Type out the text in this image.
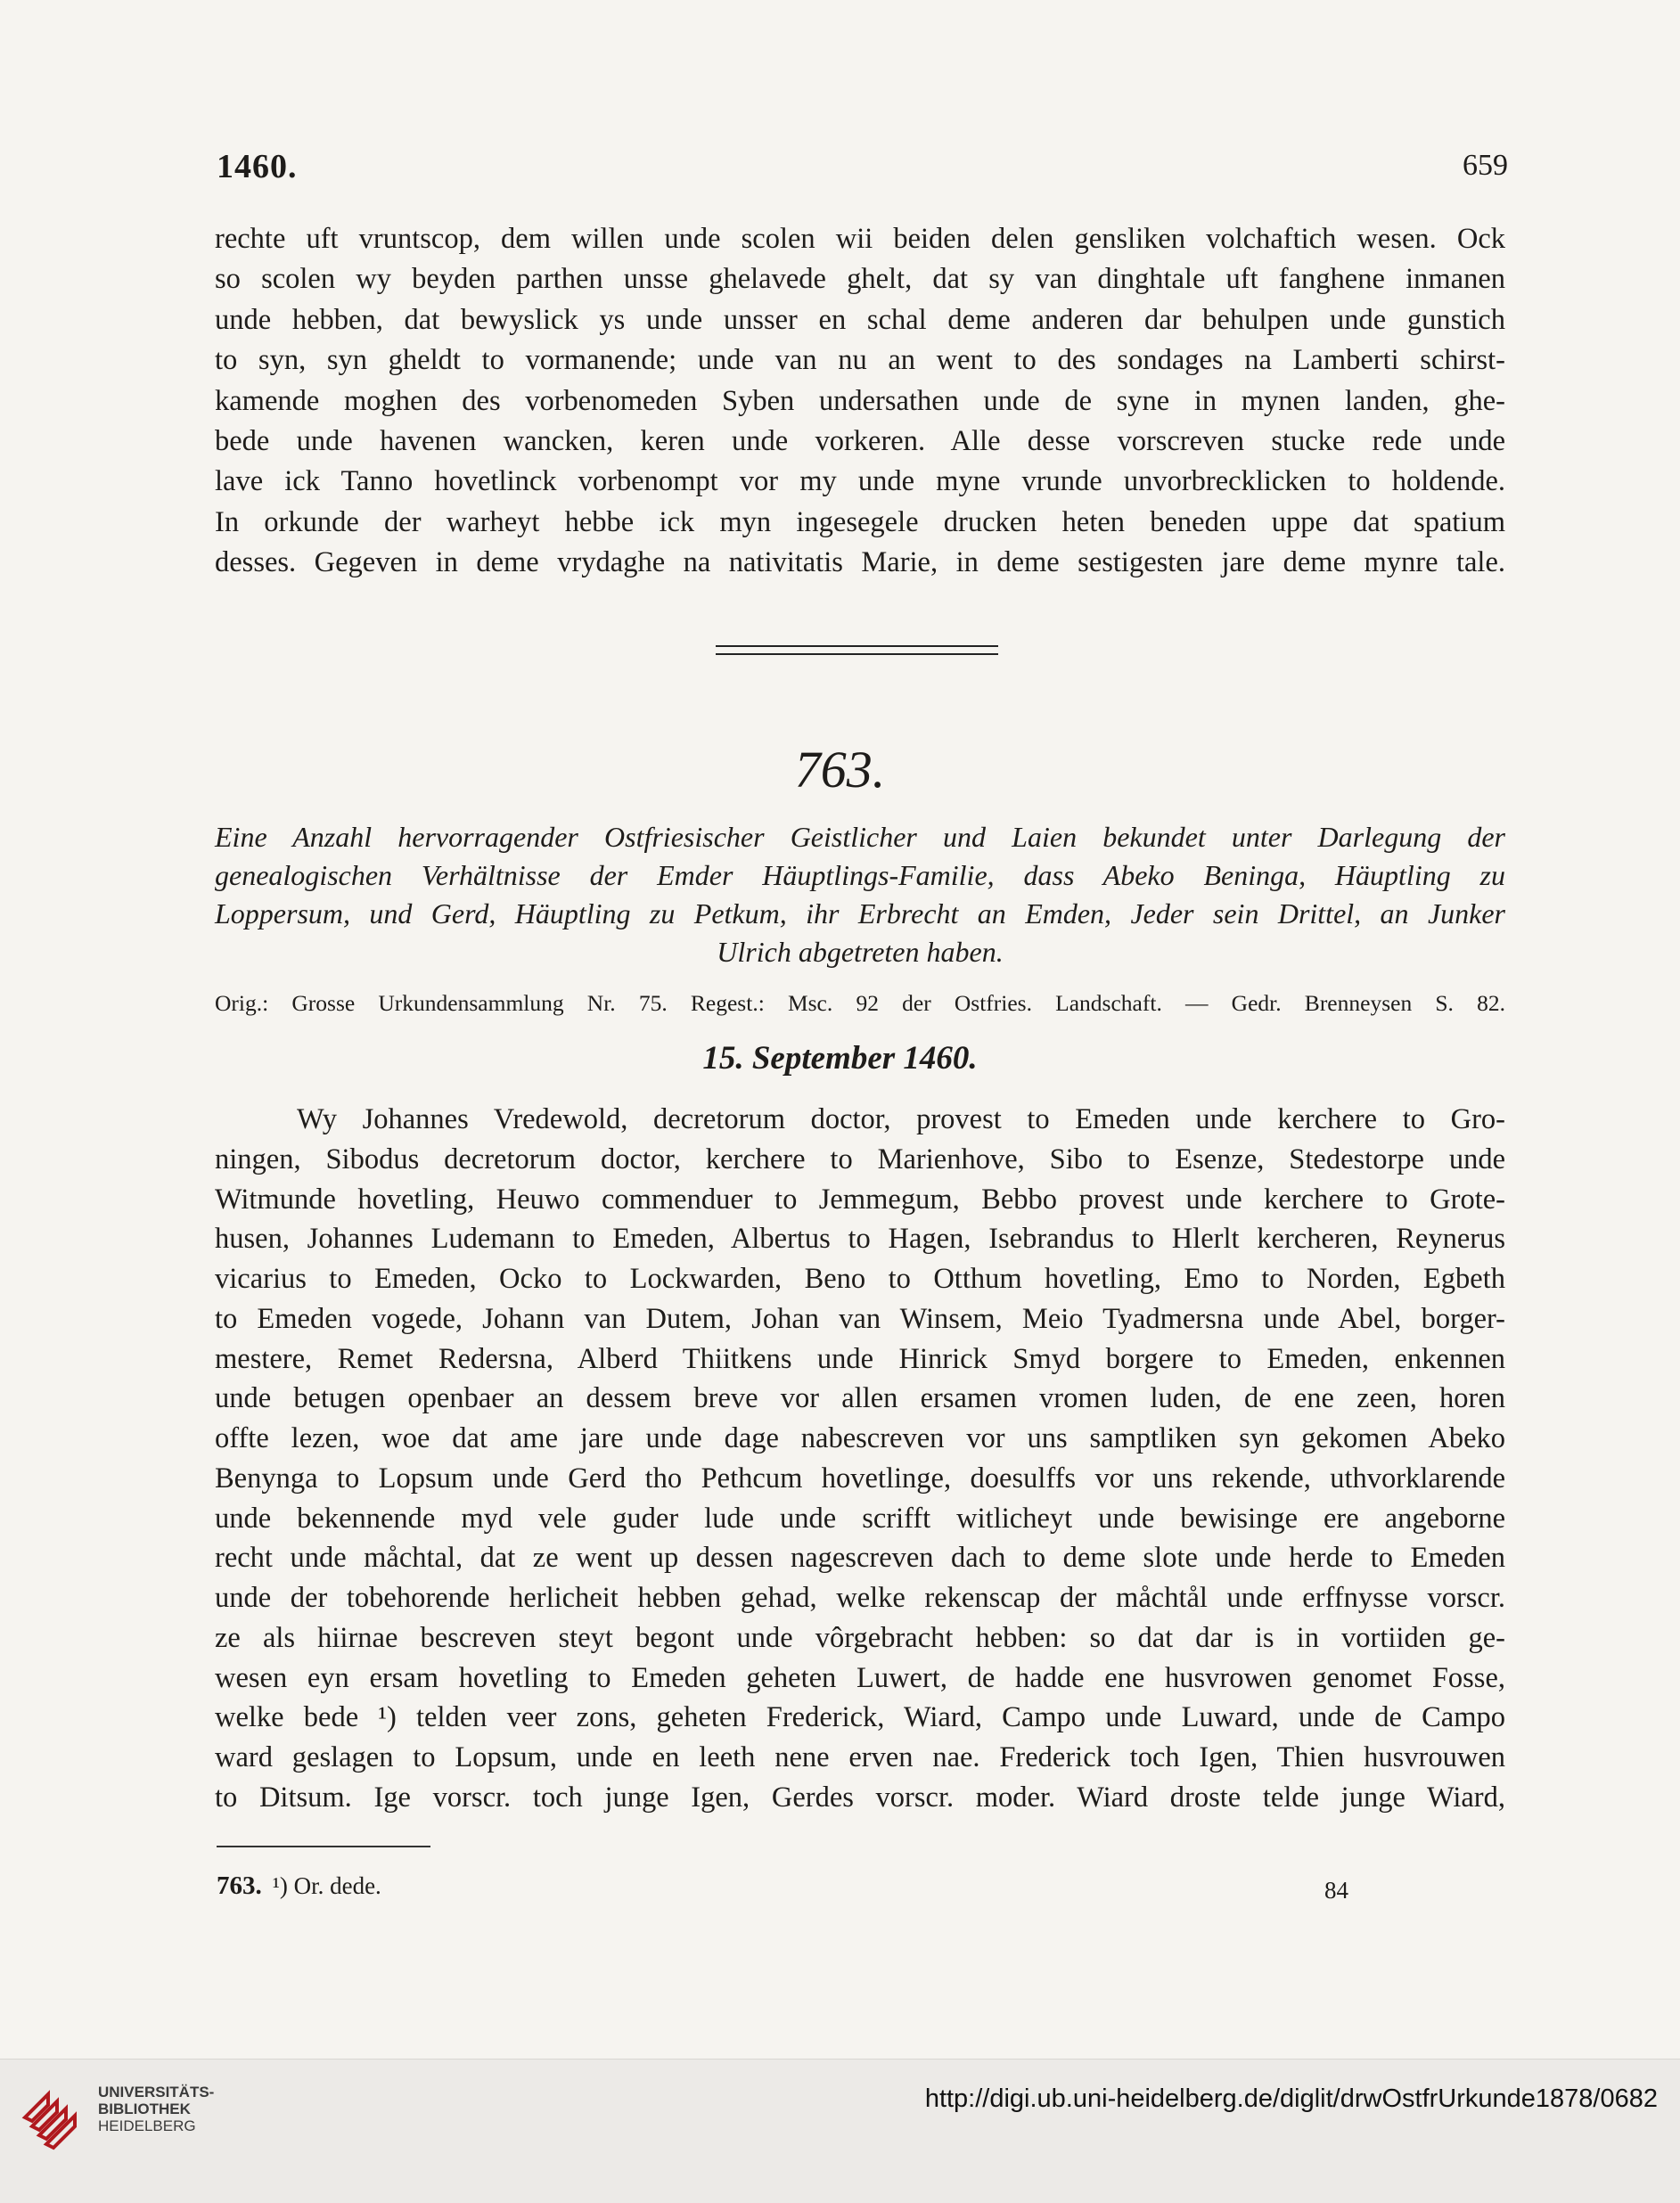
1460.	659
rechte uft vruntscop, dem willen unde scolen wii beiden delen gensliken volchaftich wesen. Ock
so scolen wy beyden parthen unsse ghelavede ghelt, dat sy van dinghtale uft fanghene inmanen
unde hebben, dat bewyslick ys unde unsser en schal deme anderen dar behulpen unde gunstich
to syn, syn gheldt to vormanende; unde van nu an went to des sondages na Lamberti schirst-
kamende moghen des vorbenomeden Syben undersathen unde de syne in mynen landen, ghe-
bede unde havenen wancken, keren unde vorkeren. Alle desse vorscreven stucke rede unde
lave ick Tanno hovetlinck vorbenompt vor my unde myne vrunde unvorbrecklicken to holdende.
In orkunde der warheyt hebbe ick myn ingesegele drucken heten beneden uppe dat spatium
desses. Gegeven in deme vrydaghe na nativitatis Marie, in deme sestigesten jare deme mynre tale.
763.
Eine Anzahl hervorragender Ostfriesischer Geistlicher und Laien bekundet unter Darlegung der
genealogischen Verhältnisse der Emder Häuptlings-Familie, dass Abeko Beninga, Häuptling zu
Loppersum, und Gerd, Häuptling zu Petkum, ihr Erbrecht an Emden, Jeder sein Drittel, an Junker
Ulrich abgetreten haben.
Orig.: Grosse Urkundensammlung Nr. 75. Regest.: Msc. 92 der Ostfries. Landschaft. — Gedr. Brenneysen S. 82.
15. September 1460.
Wy Johannes Vredewold, decretorum doctor, provest to Emeden unde kerchere to Gro-
ningen, Sibodus decretorum doctor, kerchere to Marienhove, Sibo to Esenze, Stedestorpe unde
Witmunde hovetling, Heuwo commenduer to Jemmegum, Bebbo provest unde kerchere to Grote-
husen, Johannes Ludemann to Emeden, Albertus to Hagen, Isebrandus to Hlerlt kercheren, Reynerus
vicarius to Emeden, Ocko to Lockwarden, Beno to Otthum hovetling, Emo to Norden, Egbeth
to Emeden vogede, Johann van Dutem, Johan van Winsem, Meio Tyadmersna unde Abel, borger-
mestere, Remet Redersna, Alberd Thiitkens unde Hinrick Smyd borgere to Emeden, enkennen
unde betugen openbaer an dessem breve vor allen ersamen vromen luden, de ene zeen, horen
offte lezen, woe dat ame jare unde dage nabescreven vor uns samptliken syn gekomen Abeko
Benynga to Lopsum unde Gerd tho Pethcum hovetlinge, doesulffs vor uns rekende, uthvorklarende
unde bekennende myd vele guder lude unde scrifft witlicheyt unde bewisinge ere angeborne
recht unde måchtal, dat ze went up dessen nagescreven dach to deme slote unde herde to Emeden
unde der tobehorende herlicheit hebben gehad, welke rekenscap der måchtål unde erffnysse vorscr.
ze als hiirnae bescreven steyt begont unde vôrgebracht hebben: so dat dar is in vortiiden ge-
wesen eyn ersam hovetling to Emeden geheten Luwert, de hadde ene husvrowen genomet Fosse,
welke bede ¹) telden veer zons, geheten Frederick, Wiard, Campo unde Luward, unde de Campo
ward geslagen to Lopsum, unde en leeth nene erven nae. Frederick toch Igen, Thien husvrouwen
to Ditsum. Ige vorscr. toch junge Igen, Gerdes vorscr. moder. Wiard droste telde junge Wiard,
763. ¹) Or. dede.	84
UNIVERSITÄTS-
BIBLIOTHEK
HEIDELBERG
http://digi.ub.uni-heidelberg.de/diglit/drwOstfrUrkunde1878/0682
